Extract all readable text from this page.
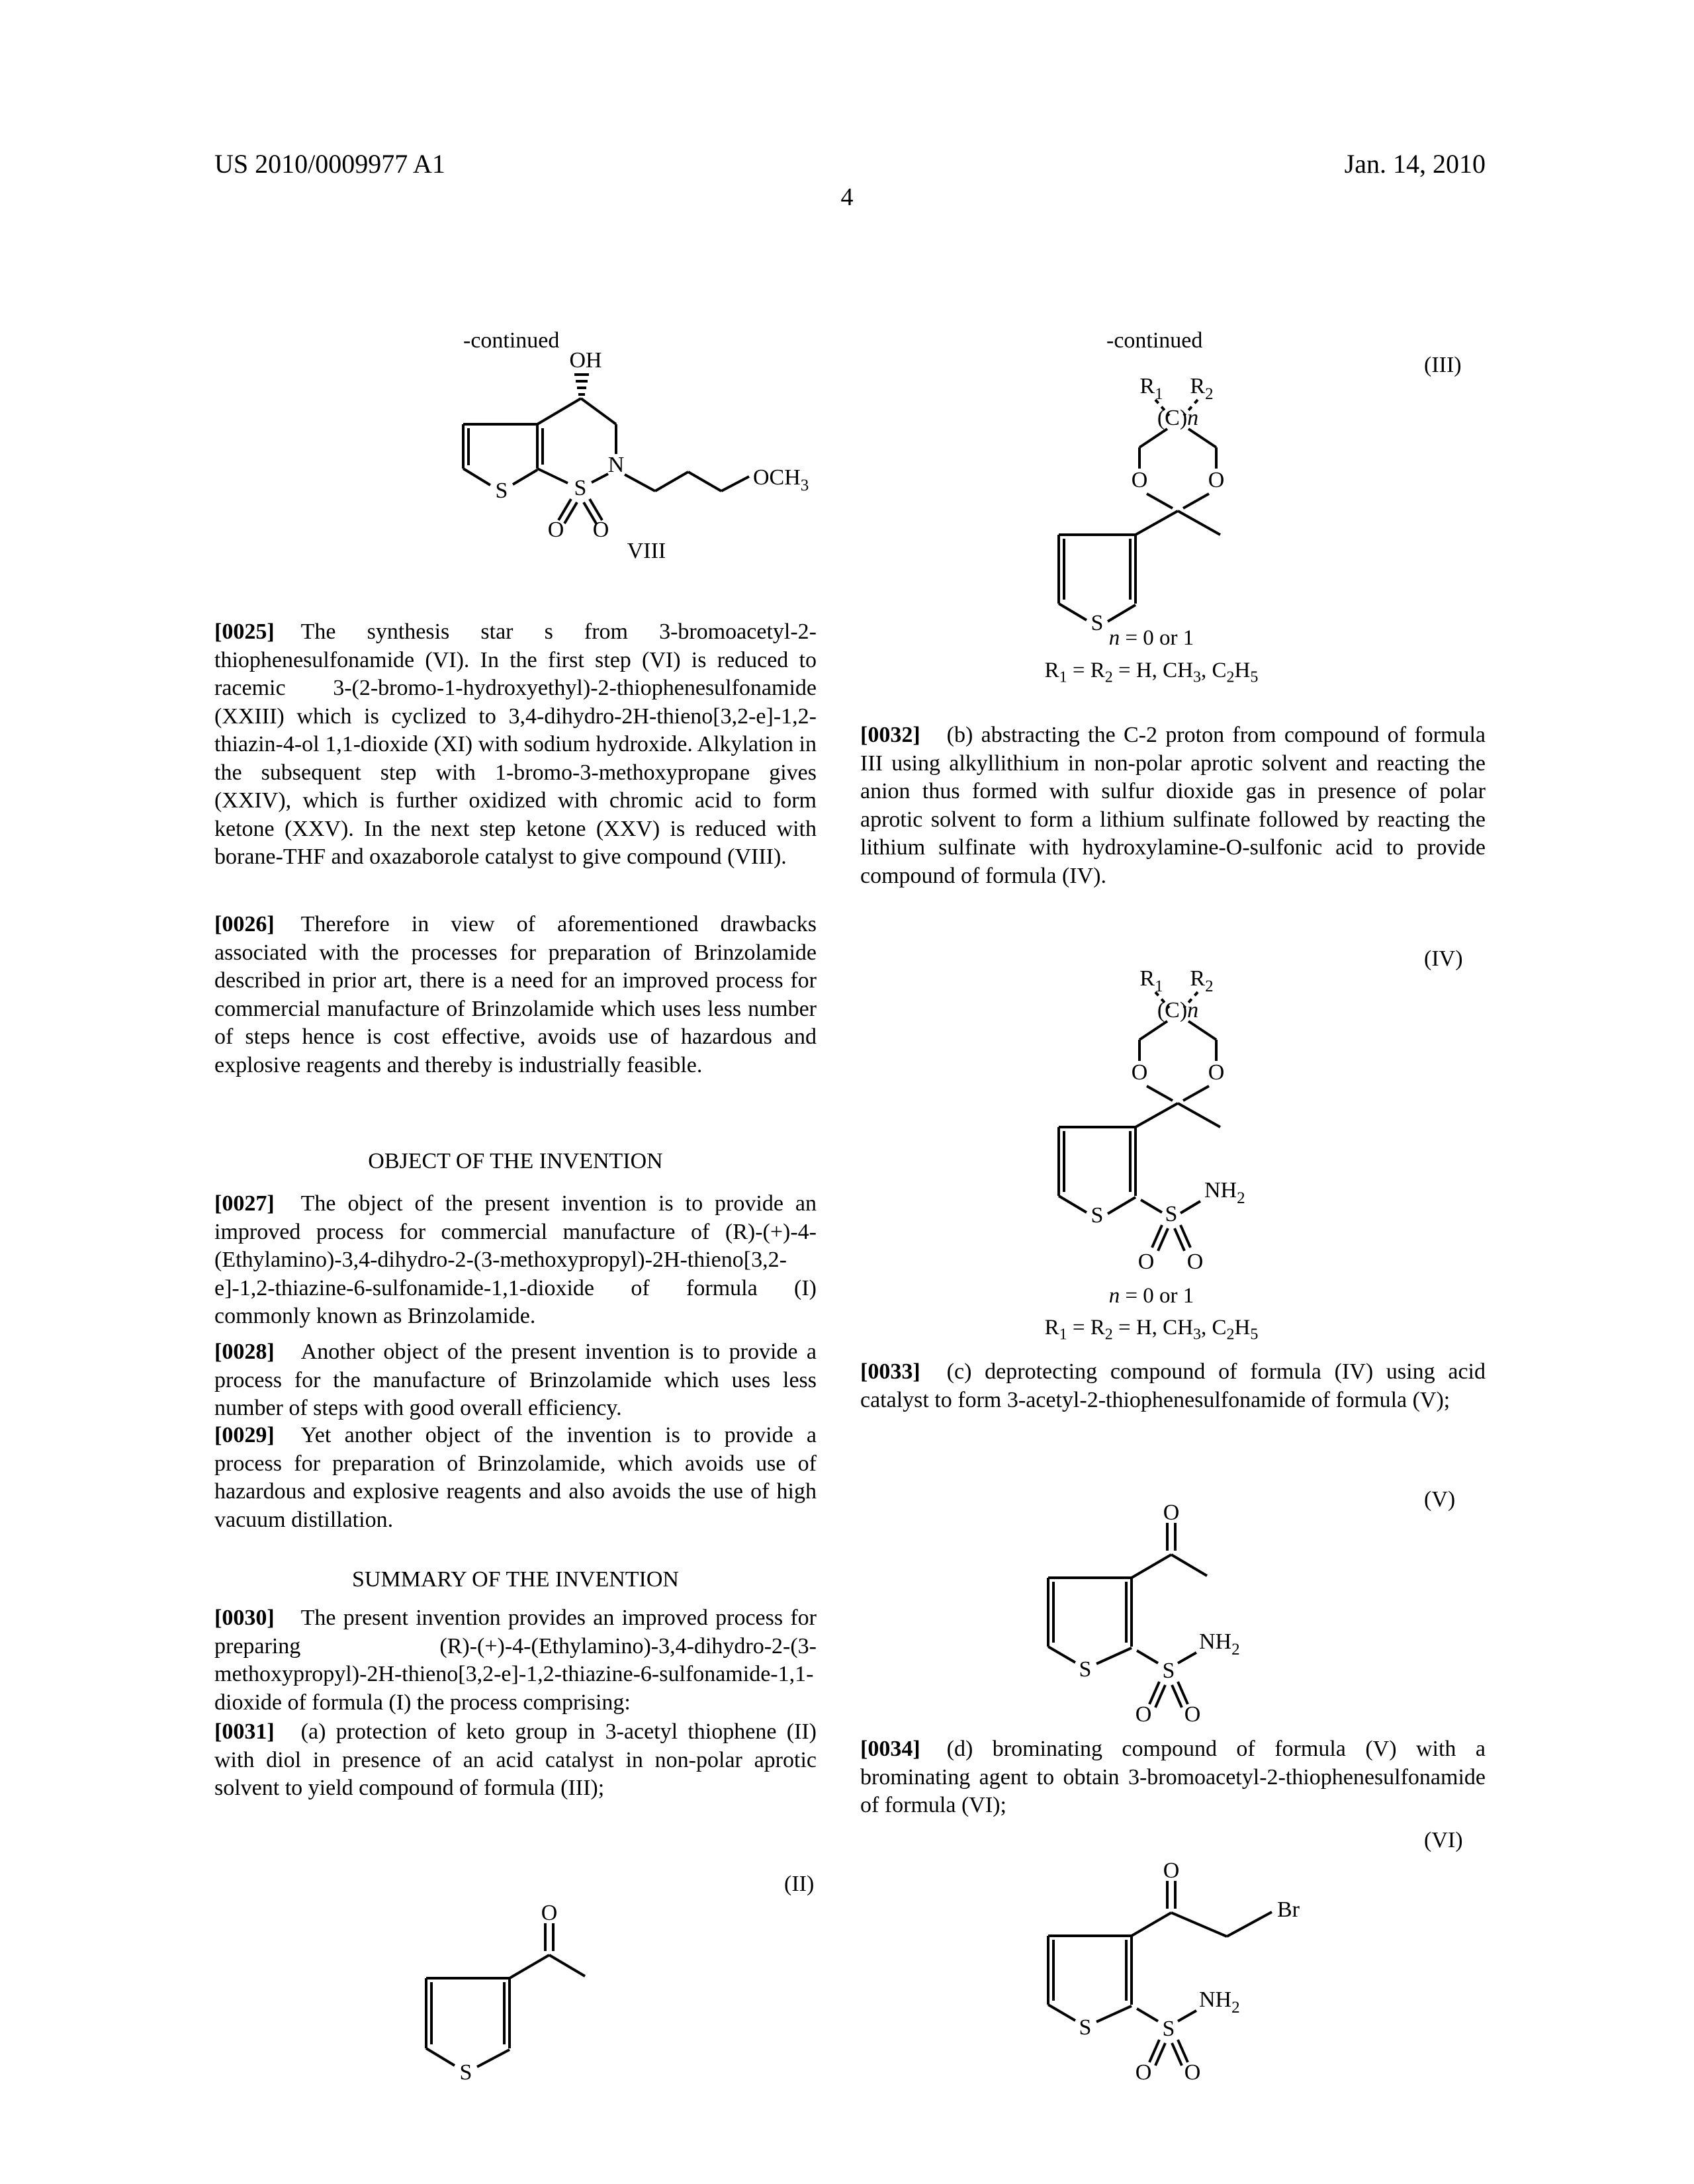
US 2010/0009977 A1	Jan. 14, 2010
4
-continued
OH
S	S
N
O O
$OCH_3$
VIII

[0025] The synthesis star s from 3-bromoacetyl-2-thiophenesulfonamide (VI). In the first step (VI) is reduced to racemic 3-(2-bromo-1-hydroxyethyl)-2-thiophenesulfonamide (XXIII) which is cyclized to 3,4-dihydro-2H-thieno[3,2-e]-1,2-thiazin-4-ol 1,1-dioxide (XI) with sodium hydroxide. Alkylation in the subsequent step with 1-bromo-3-methoxypropane gives (XXIV), which is further oxidized with chromic acid to form ketone (XXV). In the next step ketone (XXV) is reduced with borane-THF and oxazaborole catalyst to give compound (VIII).

[0026] Therefore in view of aforementioned drawbacks associated with the processes for preparation of Brinzolamide described in prior art, there is a need for an improved process for commercial manufacture of Brinzolamide which uses less number of steps hence is cost effective, avoids use of hazardous and explosive reagents and thereby is industrially feasible.

OBJECT OF THE INVENTION

[0027] The object of the present invention is to provide an improved process for commercial manufacture of (R)-(+)-4-(Ethylamino)-3,4-dihydro-2-(3-methoxypropyl)-2H-thieno[3,2-e]-1,2-thiazine-6-sulfonamide-1,1-dioxide of formula (I) commonly known as Brinzolamide.

[0028] Another object of the present invention is to provide a process for the manufacture of Brinzolamide which uses less number of steps with good overall efficiency.

[0029] Yet another object of the invention is to provide a process for preparation of Brinzolamide, which avoids use of hazardous and explosive reagents and also avoids the use of high vacuum distillation.

SUMMARY OF THE INVENTION

[0030] The present invention provides an improved process for preparing (R)-(+)-4-(Ethylamino)-3,4-dihydro-2-(3-methoxypropyl)-2H-thieno[3,2-e]-1,2-thiazine-6-sulfonamide-1,1-dioxide of formula (I) the process comprising:

[0031] (a) protection of keto group in 3-acetyl thiophene (II) with diol in presence of an acid catalyst in non-polar aprotic solvent to yield compound of formula (III);

(II)
O
S
-continued
(III)
$R_1$ $R_2$
(C)n
O	O
S
n = 0 or 1
$R_1 = R_2 = H$, $CH_3$, $C_2H_5$

[0032] (b) abstracting the C-2 proton from compound of formula III using alkyllithium in non-polar aprotic solvent and reacting the anion thus formed with sulfur dioxide gas in presence of polar aprotic solvent to form a lithium sulfinate followed by reacting the lithium sulfinate with hydroxylamine-O-sulfonic acid to provide compound of formula (IV).

(IV)
$R_1$ $R_2$
(C)n
O	O
S	S
$NH_2$
O O
n = 0 or 1
$R_1 = R_2 = H$, $CH_3$, $C_2H_5$

[0033] (c) deprotecting compound of formula (IV) using acid catalyst to form 3-acetyl-2-thiophenesulfonamide of formula (V);

(V)
O
S	S
$NH_2$
O O

[0034] (d) brominating compound of formula (V) with a brominating agent to obtain 3-bromoacetyl-2-thiophenesulfonamide of formula (VI);

(VI)
O
Br
S	S
$NH_2$
O O
